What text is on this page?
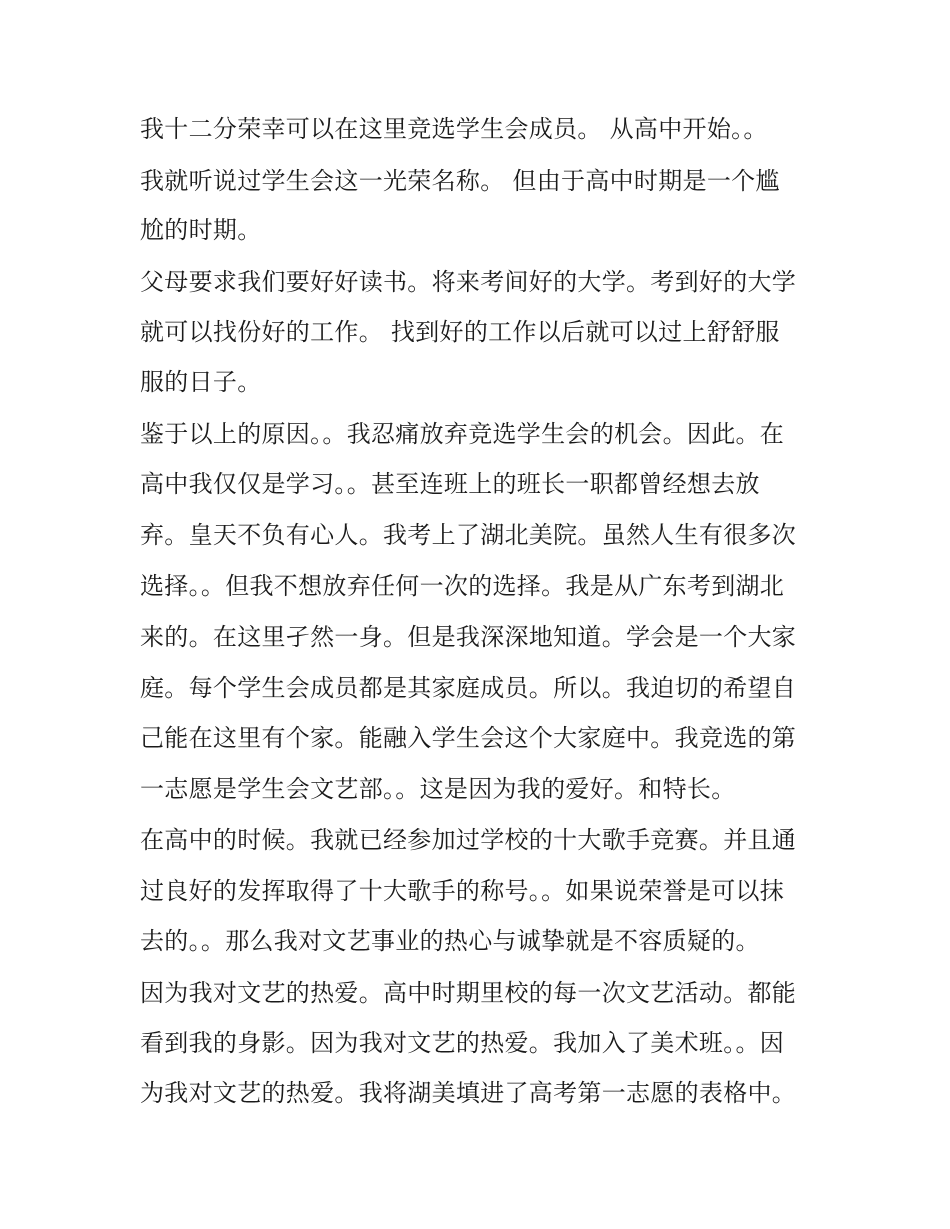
我十二分荣幸可以在这里竞选学生会成员。 从高中开始。。
我就听说过学生会这一光荣名称。 但由于高中时期是一个尴
尬的时期。
父母要求我们要好好读书。将来考间好的大学。考到好的大学
就可以找份好的工作。 找到好的工作以后就可以过上舒舒服
服的日子。
鉴于以上的原因。。我忍痛放弃竞选学生会的机会。因此。在
高中我仅仅是学习。。甚至连班上的班长一职都曾经想去放
弃。皇天不负有心人。我考上了湖北美院。虽然人生有很多次
选择。。但我不想放弃任何一次的选择。我是从广东考到湖北
来的。在这里孑然一身。但是我深深地知道。学会是一个大家
庭。每个学生会成员都是其家庭成员。所以。我迫切的希望自
己能在这里有个家。能融入学生会这个大家庭中。我竞选的第
一志愿是学生会文艺部。。这是因为我的爱好。和特长。
在高中的时候。我就已经参加过学校的十大歌手竞赛。并且通
过良好的发挥取得了十大歌手的称号。。如果说荣誉是可以抹
去的。。那么我对文艺事业的热心与诚挚就是不容质疑的。
因为我对文艺的热爱。高中时期里校的每一次文艺活动。都能
看到我的身影。因为我对文艺的热爱。我加入了美术班。。因
为我对文艺的热爱。我将湖美填进了高考第一志愿的表格中。
